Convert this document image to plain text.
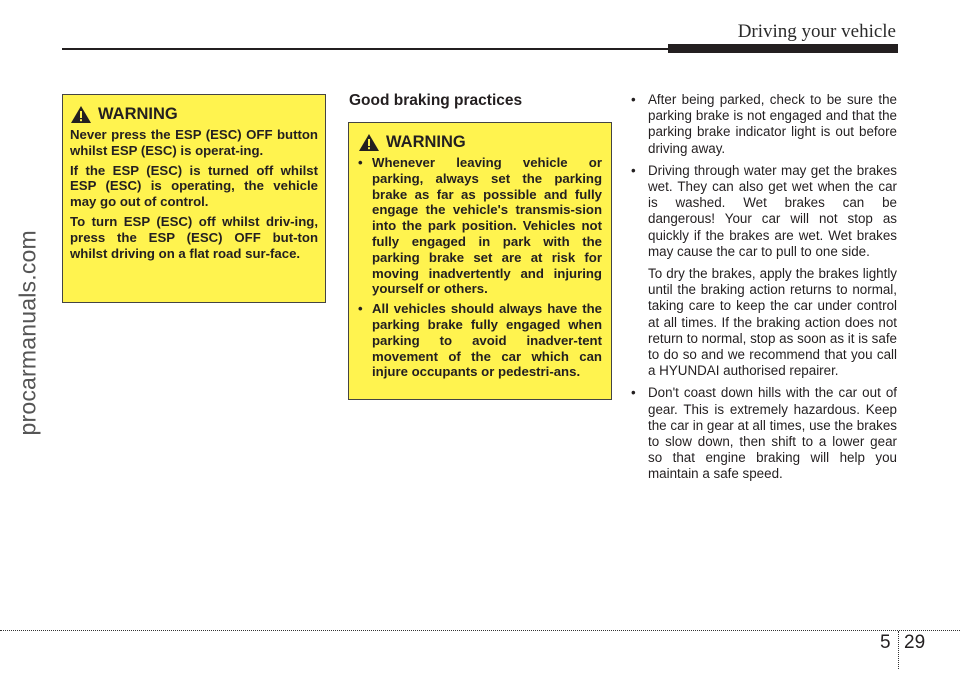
Driving your vehicle
procarmanuals.com
WARNING

Never press the ESP (ESC) OFF button whilst ESP (ESC) is operat-ing.

If the ESP (ESC) is turned off whilst ESP (ESC) is operating, the vehicle may go out of control.

To turn ESP (ESC) off whilst driv-ing, press the ESP (ESC) OFF but-ton whilst driving on a flat road sur-face.

Good braking practices
WARNING
• Whenever leaving vehicle or parking, always set the parking brake as far as possible and fully engage the vehicle's transmis-sion into the park position. Vehicles not fully engaged in park with the parking brake set are at risk for moving inadvertently and injuring yourself or others.
• All vehicles should always have the parking brake fully engaged when parking to avoid inadver-tent movement of the car which can injure occupants or pedestri-ans.
• After being parked, check to be sure the parking brake is not engaged and that the parking brake indicator light is out before driving away.
• Driving through water may get the brakes wet. They can also get wet when the car is washed. Wet brakes can be dangerous! Your car will not stop as quickly if the brakes are wet. Wet brakes may cause the car to pull to one side.

To dry the brakes, apply the brakes lightly until the braking action returns to normal, taking care to keep the car under control at all times. If the braking action does not return to normal, stop as soon as it is safe to do so and we recommend that you call a HYUNDAI authorised repairer.

• Don't coast down hills with the car out of gear. This is extremely hazardous. Keep the car in gear at all times, use the brakes to slow down, then shift to a lower gear so that engine braking will help you maintain a safe speed.
5 29
